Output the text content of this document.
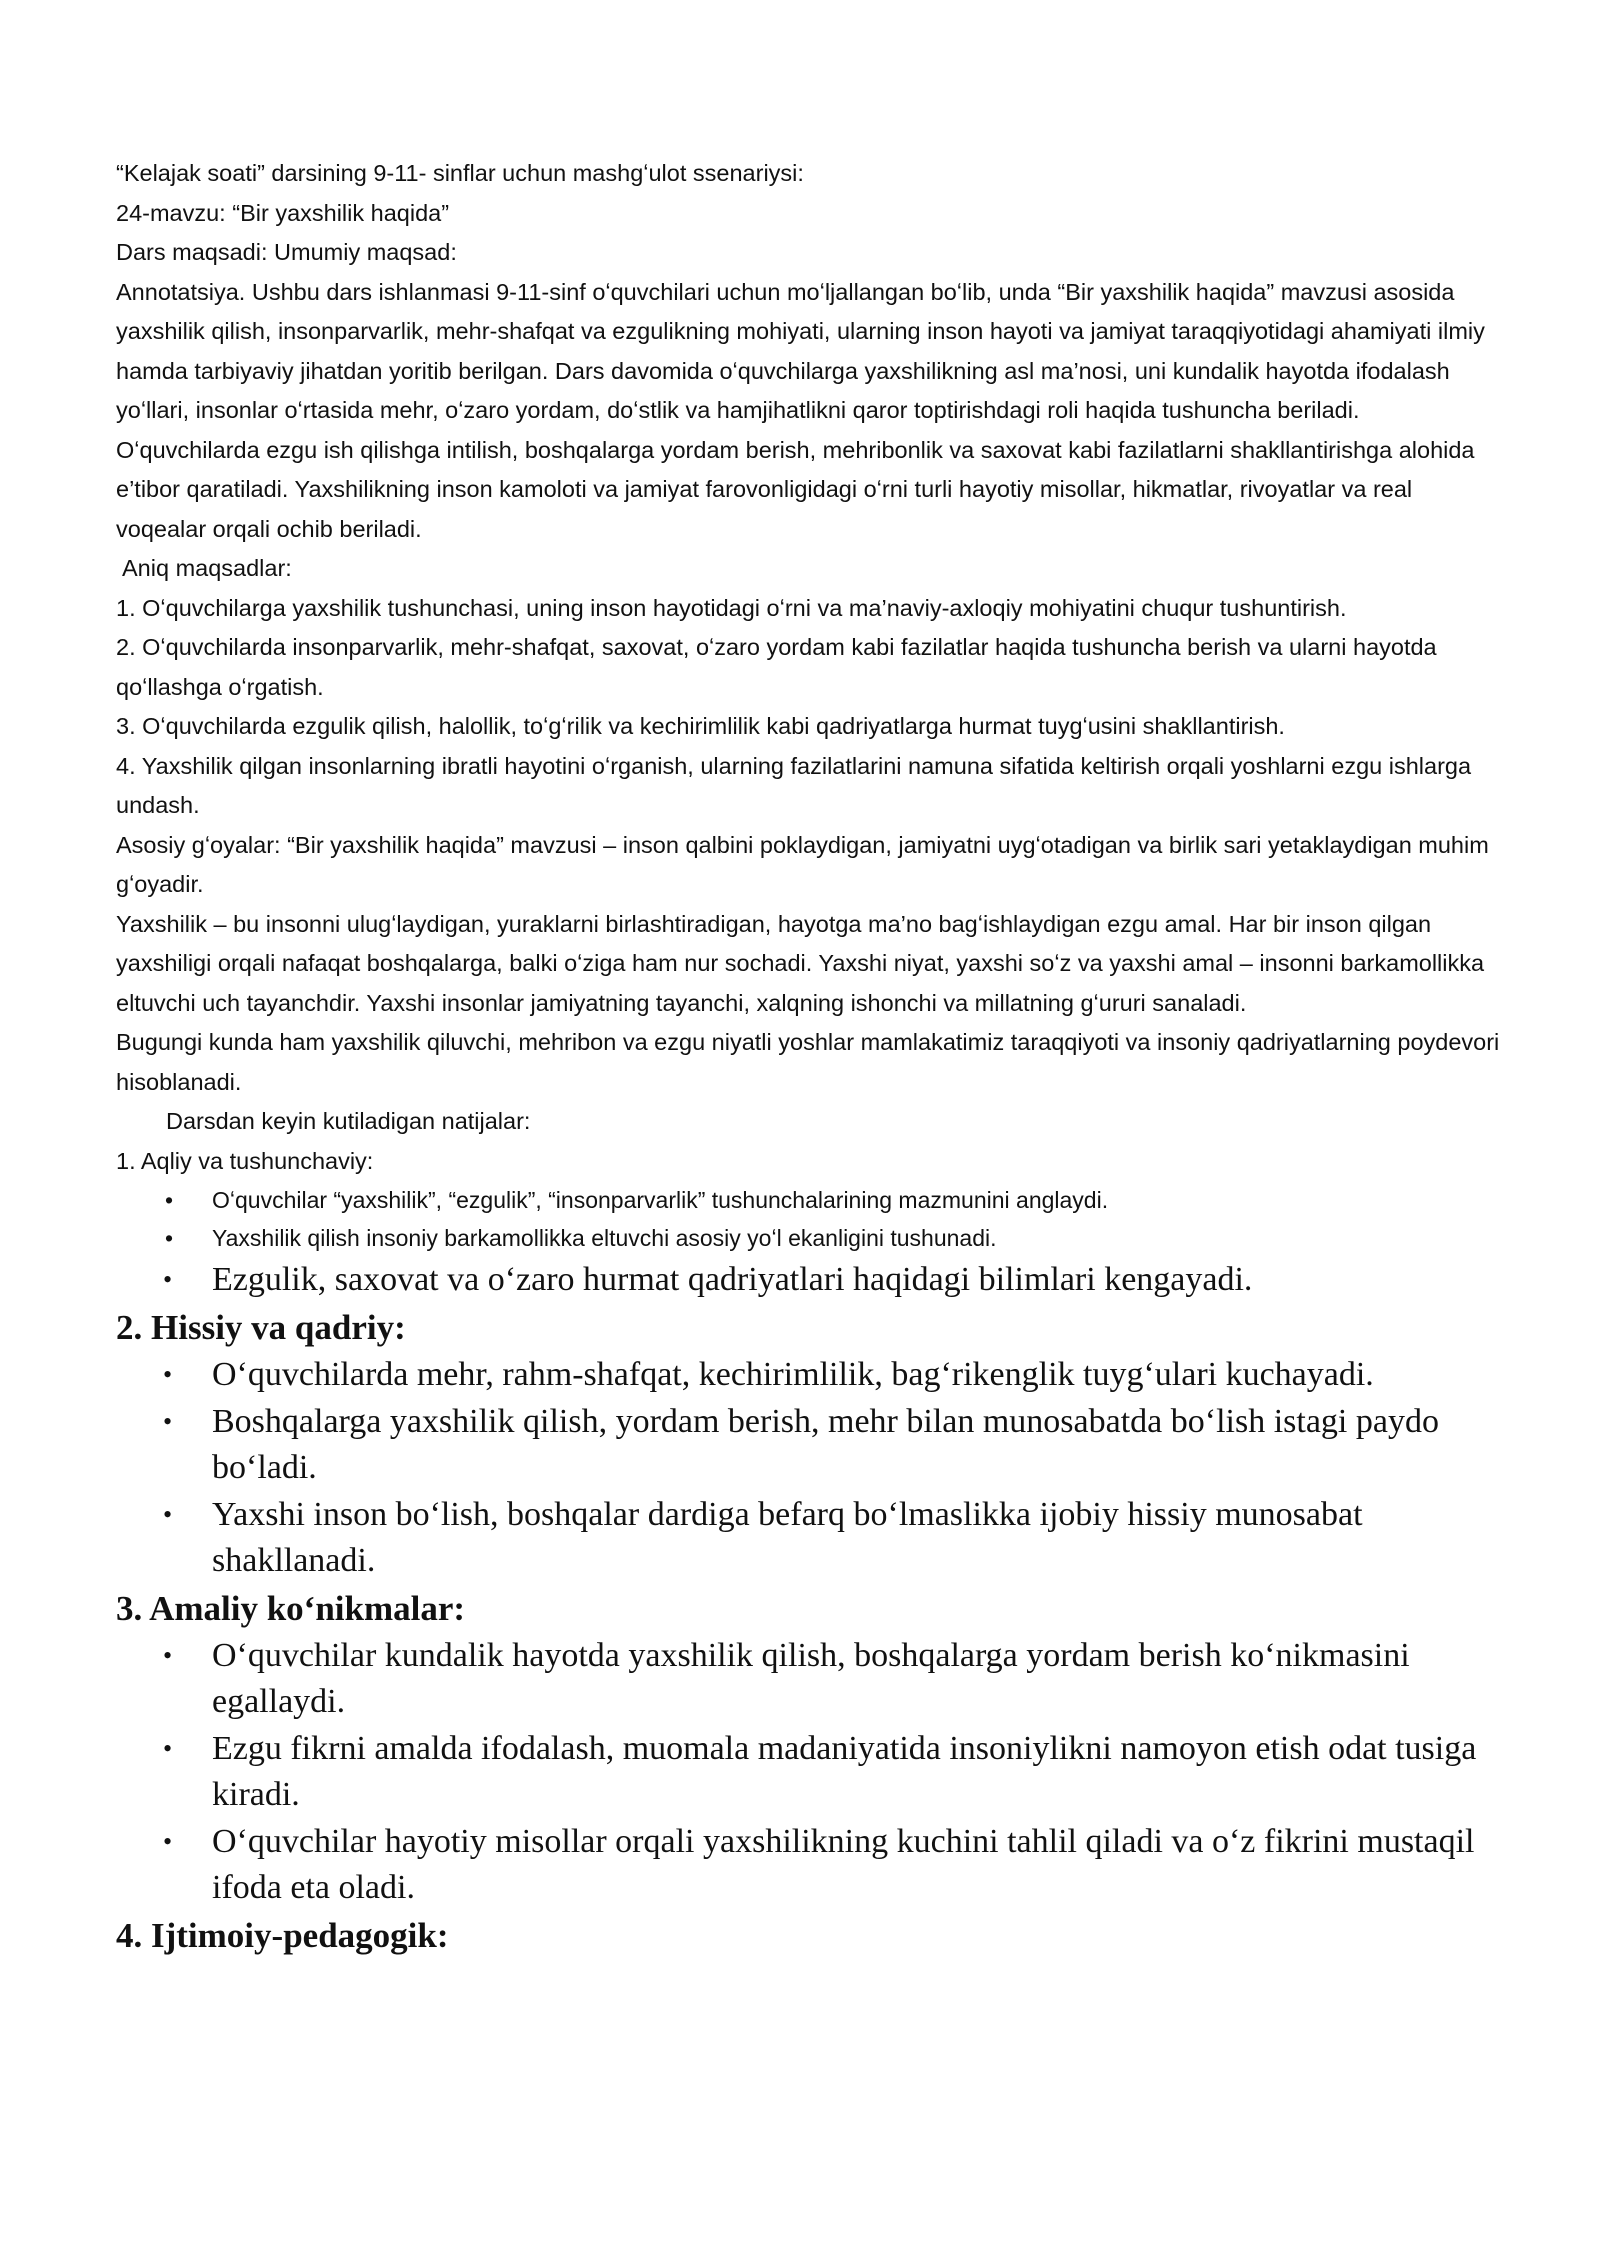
“Kelajak soati” darsining 9-11- sinflar uchun mashgʻulot ssenariysi:

24-mavzu: “Bir yaxshilik haqida”

Dars maqsadi: Umumiy maqsad:

Annotatsiya. Ushbu dars ishlanmasi 9-11-sinf oʻquvchilari uchun moʻljallangan boʻlib, unda “Bir yaxshilik haqida” mavzusi asosida yaxshilik qilish, insonparvarlik, mehr-shafqat va ezgulikning mohiyati, ularning inson hayoti va jamiyat taraqqiyotidagi ahamiyati ilmiy hamda tarbiyaviy jihatdan yoritib berilgan. Dars davomida oʻquvchilarga yaxshilikning asl ma’nosi, uni kundalik hayotda ifodalash yoʻllari, insonlar oʻrtasida mehr, oʻzaro yordam, doʻstlik va hamjihatlikni qaror toptirishdagi roli haqida tushuncha beriladi. Oʻquvchilarda ezgu ish qilishga intilish, boshqalarga yordam berish, mehribonlik va saxovat kabi fazilatlarni shakllantirishga alohida e’tibor qaratiladi. Yaxshilikning inson kamoloti va jamiyat farovonligidagi oʻrni turli hayotiy misollar, hikmatlar, rivoyatlar va real voqealar orqali ochib beriladi.

Aniq maqsadlar:

1. Oʻquvchilarga yaxshilik tushunchasi, uning inson hayotidagi oʻrni va ma’naviy-axloqiy mohiyatini chuqur tushuntirish.

2. Oʻquvchilarda insonparvarlik, mehr-shafqat, saxovat, oʻzaro yordam kabi fazilatlar haqida tushuncha berish va ularni hayotda qoʻllashga oʻrgatish.

3. Oʻquvchilarda ezgulik qilish, halollik, toʻgʻrilik va kechirimlilik kabi qadriyatlarga hurmat tuygʻusini shakllantirish.

4. Yaxshilik qilgan insonlarning ibratli hayotini oʻrganish, ularning fazilatlarini namuna sifatida keltirish orqali yoshlarni ezgu ishlarga undash.

Asosiy gʻoyalar: “Bir yaxshilik haqida” mavzusi – inson qalbini poklaydigan, jamiyatni uygʻotadigan va birlik sari yetaklaydigan muhim gʻoyadir.

Yaxshilik – bu insonni ulugʻlaydigan, yuraklarni birlashtiradigan, hayotga ma’no bagʻishlaydigan ezgu amal. Har bir inson qilgan yaxshiligi orqali nafaqat boshqalarga, balki oʻziga ham nur sochadi. Yaxshi niyat, yaxshi soʻz va yaxshi amal – insonni barkamollikka eltuvchi uch tayanchdir. Yaxshi insonlar jamiyatning tayanchi, xalqning ishonchi va millatning gʻururi sanaladi.

Bugungi kunda ham yaxshilik qiluvchi, mehribon va ezgu niyatli yoshlar mamlakatimiz taraqqiyoti va insoniy qadriyatlarning poydevori hisoblanadi.

Darsdan keyin kutiladigan natijalar:

1. Aqliy va tushunchaviy:

• Oʻquvchilar “yaxshilik”, “ezgulik”, “insonparvarlik” tushunchalarining mazmunini anglaydi.
• Yaxshilik qilish insoniy barkamollikka eltuvchi asosiy yoʻl ekanligini tushunadi.
• Ezgulik, saxovat va oʻzaro hurmat qadriyatlari haqidagi bilimlari kengayadi.

2. Hissiy va qadriy:

• Oʻquvchilarda mehr, rahm-shafqat, kechirimlilik, bagʻrikenglik tuygʻulari kuchayadi.
• Boshqalarga yaxshilik qilish, yordam berish, mehr bilan munosabatda boʻlish istagi paydo boʻladi.
• Yaxshi inson boʻlish, boshqalar dardiga befarq boʻlmaslikka ijobiy hissiy munosabat shakllanadi.

3. Amaliy koʻnikmalar:

• Oʻquvchilar kundalik hayotda yaxshilik qilish, boshqalarga yordam berish koʻnikmasini egallaydi.
• Ezgu fikrni amalda ifodalash, muomala madaniyatida insoniylikni namoyon etish odat tusiga kiradi.
• Oʻquvchilar hayotiy misollar orqali yaxshilikning kuchini tahlil qiladi va oʻz fikrini mustaqil ifoda eta oladi.

4. Ijtimoiy-pedagogik:
